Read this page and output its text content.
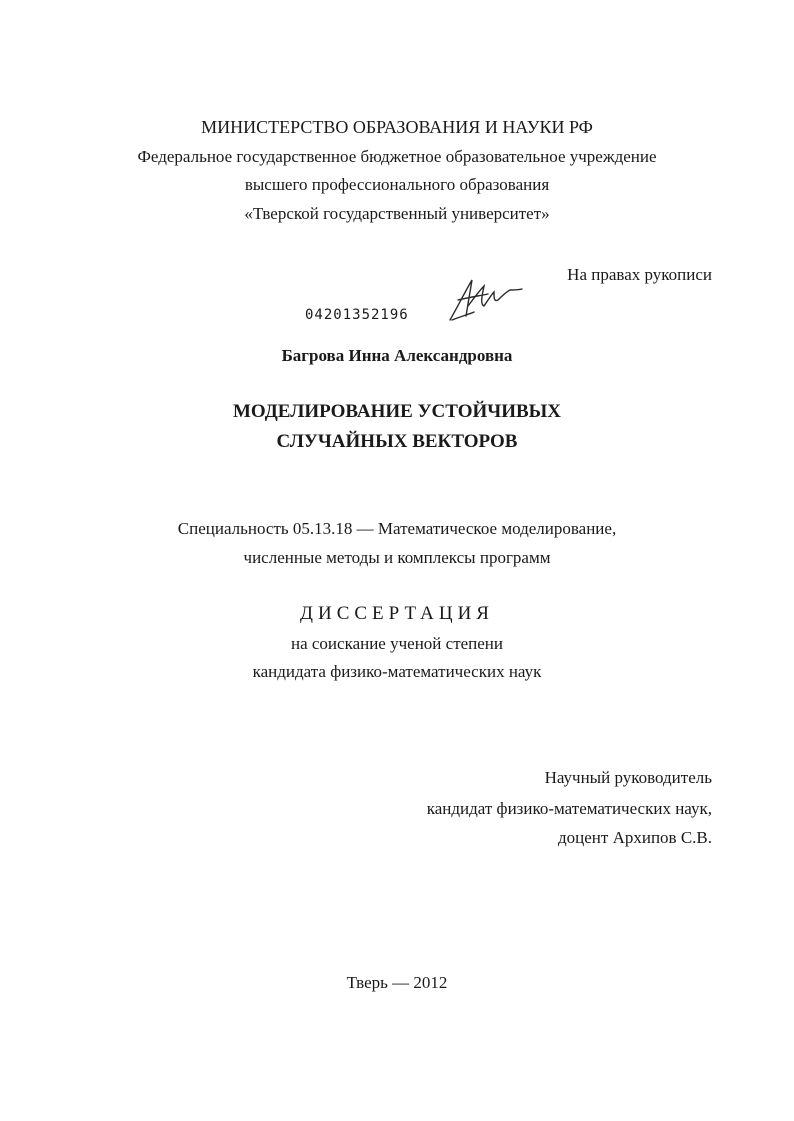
МИНИСТЕРСТВО ОБРАЗОВАНИЯ И НАУКИ РФ
Федеральное государственное бюджетное образовательное учреждение
высшего профессионального образования
«Тверской государственный университет»
На правах рукописи
04201352196
Багрова Инна Александровна
МОДЕЛИРОВАНИЕ УСТОЙЧИВЫХ
СЛУЧАЙНЫХ ВЕКТОРОВ
Специальность 05.13.18 — Математическое моделирование,
численные методы и комплексы программ
ДИССЕРТАЦИЯ
на соискание ученой степени
кандидата физико-математических наук
Научный руководитель
кандидат физико-математических наук,
доцент Архипов С.В.
Тверь — 2012
